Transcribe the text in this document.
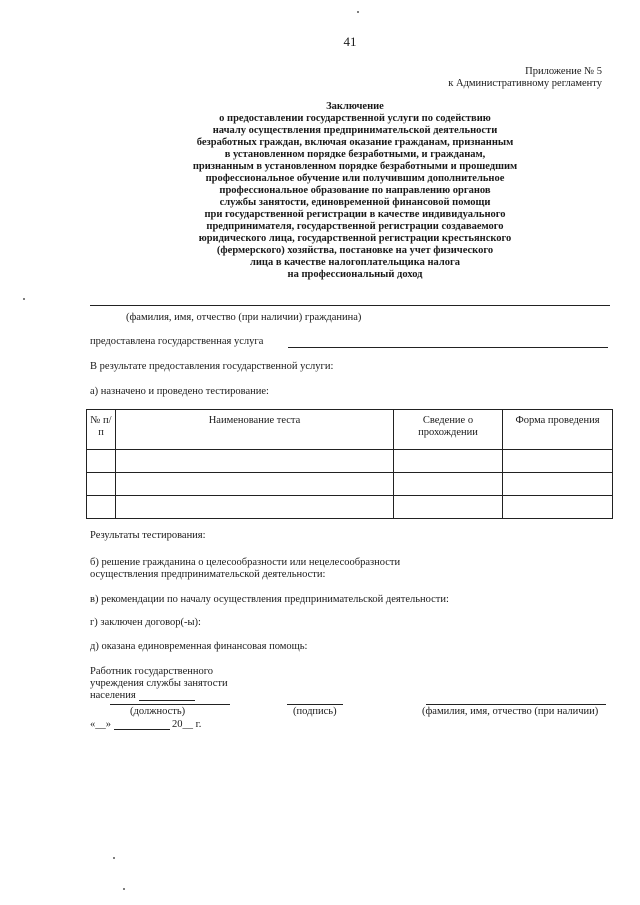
41
Приложение № 5
к Административному регламенту
Заключение
о предоставлении государственной услуги по содействию
началу осуществления предпринимательской деятельности
безработных граждан, включая оказание гражданам, признанным
в установленном порядке безработными, и гражданам,
признанным в установленном порядке безработными и прошедшим
профессиональное обучение или получившим дополнительное
профессиональное образование по направлению органов
службы занятости, единовременной финансовой помощи
при государственной регистрации в качестве индивидуального
предпринимателя, государственной регистрации создаваемого
юридического лица, государственной регистрации крестьянского
(фермерского) хозяйства, постановке на учет физического
лица в качестве налогоплательщика налога
на профессиональный доход
(фамилия, имя, отчество (при наличии) гражданина)
предоставлена государственная услуга
В результате предоставления государственной услуги:
а) назначено и проведено тестирование:
№ п/п	Наименование теста	Сведение о прохождении	Форма проведения

Результаты тестирования:
б) решение гражданина о целесообразности или нецелесообразности
осуществления предпринимательской деятельности:
в) рекомендации по началу осуществления предпринимательской деятельности:
г) заключен договор(-ы):
д) оказана единовременная финансовая помощь:
Работник государственного
учреждения службы занятости
населения
(должность)	(подпись)	(фамилия, имя, отчество (при наличии)
«__»	20__ г.
